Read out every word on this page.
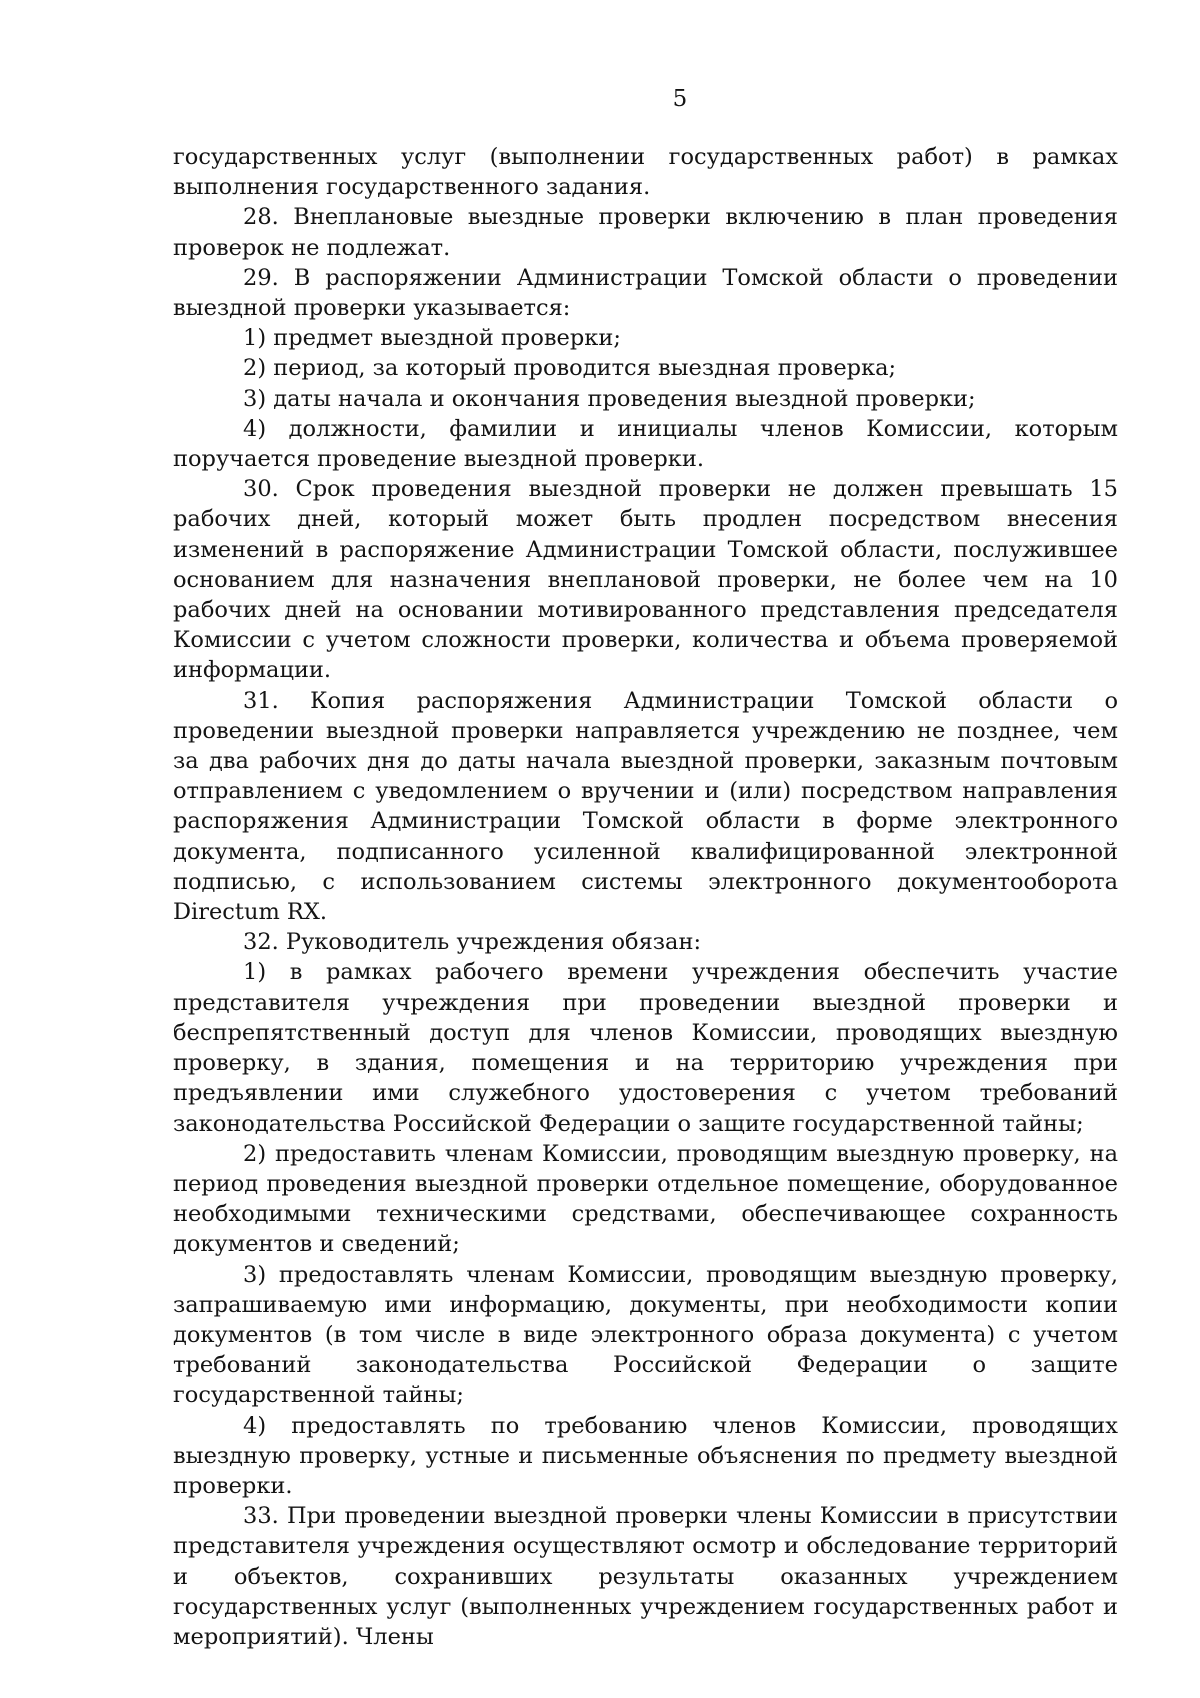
5

государственных услуг (выполнении государственных работ) в рамках выполнения государственного задания.

28. Внеплановые выездные проверки включению в план проведения проверок не подлежат.

29. В распоряжении Администрации Томской области о проведении выездной проверки указывается:

1) предмет выездной проверки;

2) период, за который проводится выездная проверка;

3) даты начала и окончания проведения выездной проверки;

4) должности, фамилии и инициалы членов Комиссии, которым поручается проведение выездной проверки.

30. Срок проведения выездной проверки не должен превышать 15 рабочих дней, который может быть продлен посредством внесения изменений в распоряжение Администрации Томской области, послужившее основанием для назначения внеплановой проверки, не более чем на 10 рабочих дней на основании мотивированного представления председателя Комиссии с учетом сложности проверки, количества и объема проверяемой информации.

31. Копия распоряжения Администрации Томской области о проведении выездной проверки направляется учреждению не позднее, чем за два рабочих дня до даты начала выездной проверки, заказным почтовым отправлением с уведомлением о вручении и (или) посредством направления распоряжения Администрации Томской области в форме электронного документа, подписанного усиленной квалифицированной электронной подписью, с использованием системы электронного документооборота Directum RX.

32. Руководитель учреждения обязан:

1) в рамках рабочего времени учреждения обеспечить участие представителя учреждения при проведении выездной проверки и беспрепятственный доступ для членов Комиссии, проводящих выездную проверку, в здания, помещения и на территорию учреждения при предъявлении ими служебного удостоверения с учетом требований законодательства Российской Федерации о защите государственной тайны;

2) предоставить членам Комиссии, проводящим выездную проверку, на период проведения выездной проверки отдельное помещение, оборудованное необходимыми техническими средствами, обеспечивающее сохранность документов и сведений;

3) предоставлять членам Комиссии, проводящим выездную проверку, запрашиваемую ими информацию, документы, при необходимости копии документов (в том числе в виде электронного образа документа) с учетом требований законодательства Российской Федерации о защите государственной тайны;

4) предоставлять по требованию членов Комиссии, проводящих выездную проверку, устные и письменные объяснения по предмету выездной проверки.

33. При проведении выездной проверки члены Комиссии в присутствии представителя учреждения осуществляют осмотр и обследование территорий и объектов, сохранивших результаты оказанных учреждением государственных услуг (выполненных учреждением государственных работ и мероприятий). Члены
